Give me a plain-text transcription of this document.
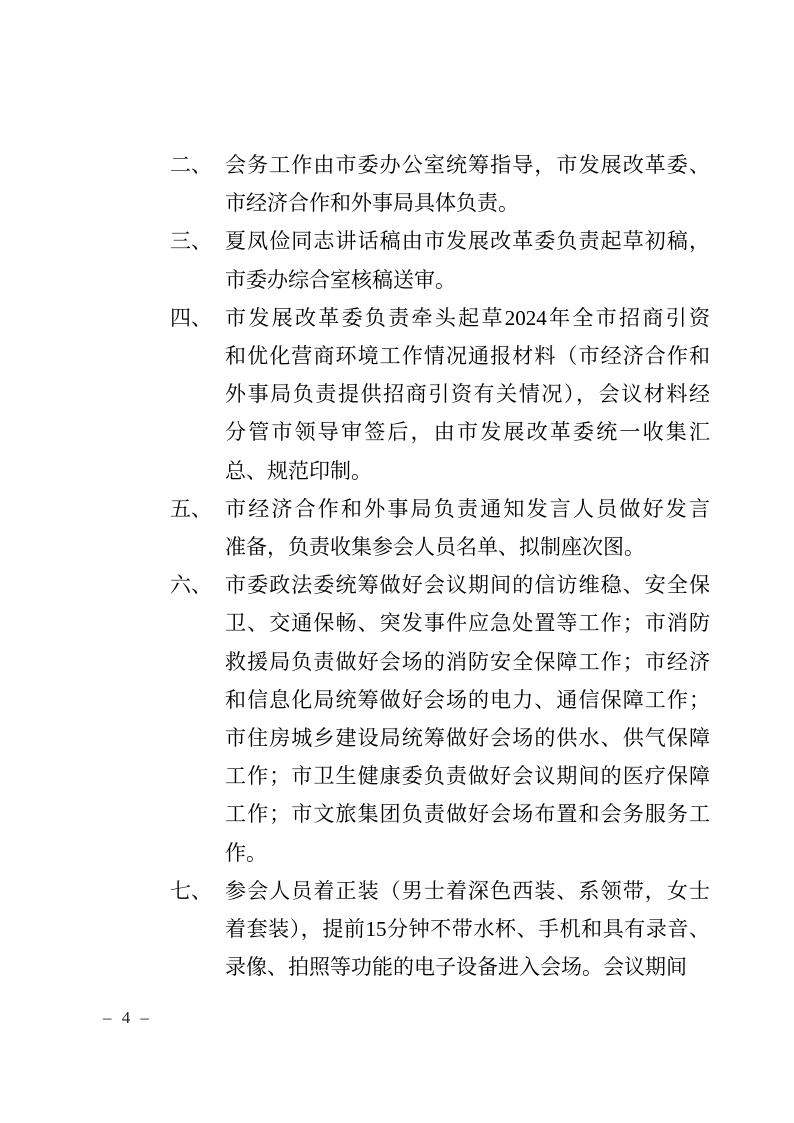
二、 会务工作由市委办公室统筹指导，市发展改革委、
市经济合作和外事局具体负责。
三、 夏凤俭同志讲话稿由市发展改革委负责起草初稿，
市委办综合室核稿送审。
四、 市发展改革委负责牵头起草2024年全市招商引资
和优化营商环境工作情况通报材料（市经济合作和
外事局负责提供招商引资有关情况），会议材料经
分管市领导审签后，由市发展改革委统一收集汇
总、规范印制。
五、 市经济合作和外事局负责通知发言人员做好发言
准备，负责收集参会人员名单、拟制座次图。
六、 市委政法委统筹做好会议期间的信访维稳、安全保
卫、交通保畅、突发事件应急处置等工作；市消防
救援局负责做好会场的消防安全保障工作；市经济
和信息化局统筹做好会场的电力、通信保障工作；
市住房城乡建设局统筹做好会场的供水、供气保障
工作；市卫生健康委负责做好会议期间的医疗保障
工作；市文旅集团负责做好会场布置和会务服务工
作。
七、 参会人员着正装（男士着深色西装、系领带，女士
着套装），提前15分钟不带水杯、手机和具有录音、
录像、拍照等功能的电子设备进入会场。会议期间
– 4 –
